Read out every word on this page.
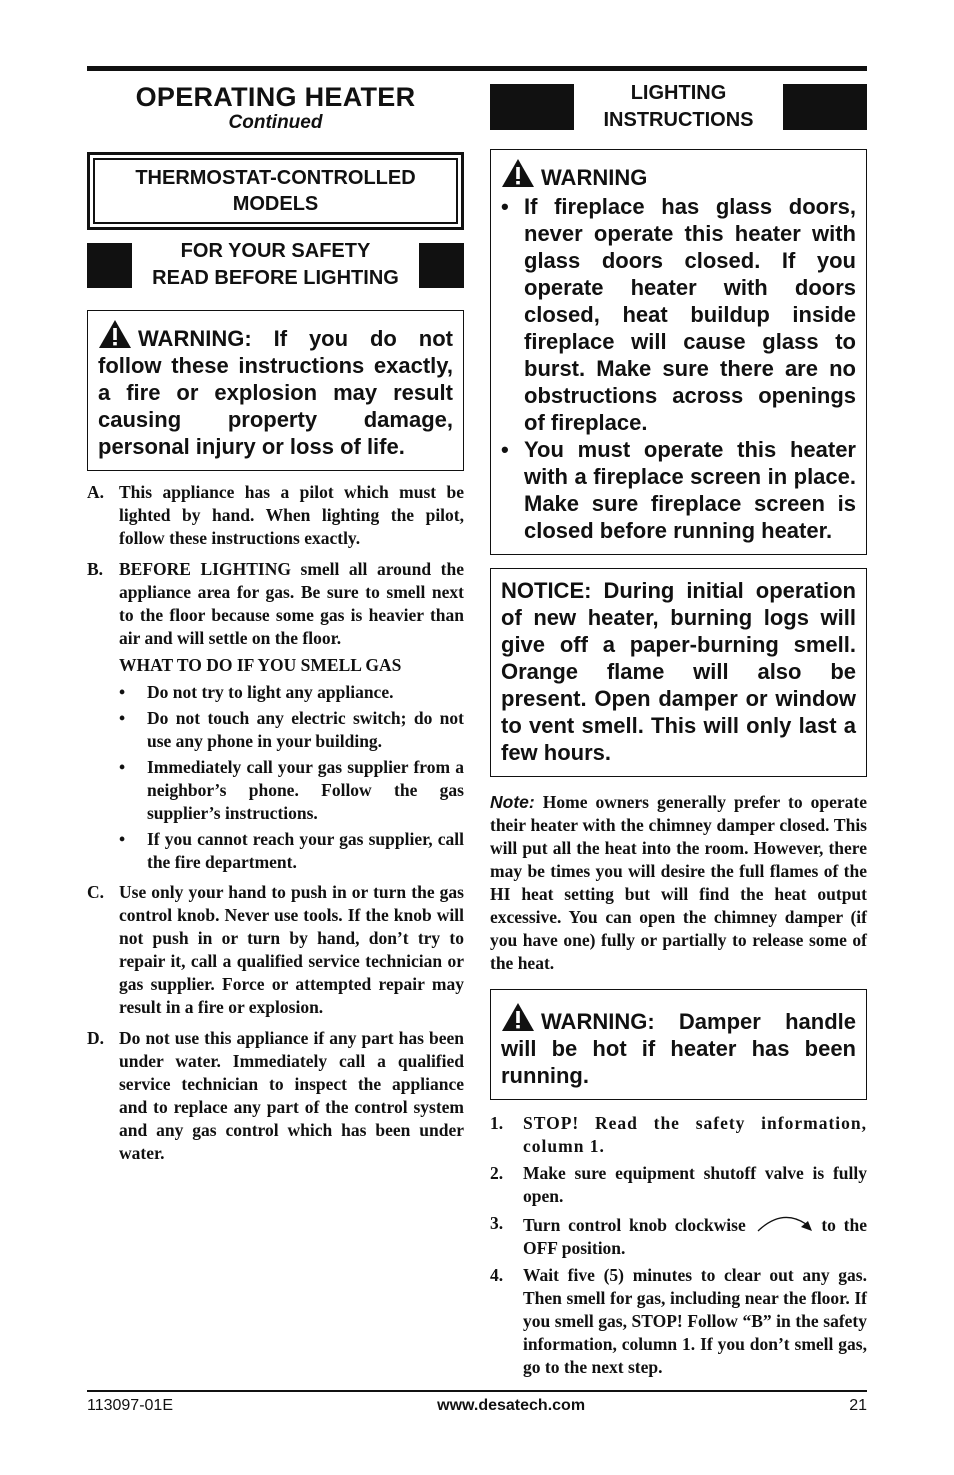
OPERATING HEATER
Continued
THERMOSTAT-CONTROLLED
MODELS
FOR YOUR SAFETY
READ BEFORE LIGHTING
WARNING: If you do not follow these instructions exactly, a fire or explosion may result causing property damage, personal injury or loss of life.
A. This appliance has a pilot which must be lighted by hand. When lighting the pilot, follow these instructions exactly.

B. BEFORE LIGHTING smell all around the appliance area for gas. Be sure to smell next to the floor because some gas is heavier than air and will settle on the floor.

WHAT TO DO IF YOU SMELL GAS

•	Do not try to light any appliance.
•	Do not touch any electric switch; do not use any phone in your building.
•	Immediately call your gas supplier from a neighbor’s phone. Follow the gas supplier’s instructions.
•	If you cannot reach your gas supplier, call the fire department.
C. Use only your hand to push in or turn the gas control knob. Never use tools. If the knob will not push in or turn by hand, don’t try to repair it, call a qualified service technician or gas supplier. Force or attempted repair may result in a fire or explosion.

D. Do not use this appliance if any part has been under water. Immediately call a qualified service technician to inspect the appliance and to replace any part of the control system and any gas control which has been under water.

LIGHTING
INSTRUCTIONS
WARNING
• If fireplace has glass doors, never operate this heater with glass doors closed. If you operate heater with doors closed, heat buildup inside fireplace will cause glass to burst. Make sure there are no obstructions across openings of fireplace.
• You must operate this heater with a fireplace screen in place. Make sure fireplace screen is closed before running heater.
NOTICE: During initial operation of new heater, burning logs will give off a paper-burning smell. Orange flame will also be present. Open damper or window to vent smell. This will only last a few hours.
Note: Home owners generally prefer to operate their heater with the chimney damper closed. This will put all the heat into the room. However, there may be times you will desire the full flames of the HI heat setting but will find the heat output excessive. You can open the chimney damper (if you have one) fully or partially to release some of the heat.
WARNING: Damper handle will be hot if heater has been running.
1.	STOP! Read the safety information, column 1.
2.	Make sure equipment shutoff valve is fully open.
3.	Turn control knob clockwise	to the OFF position.
4.	Wait five (5) minutes to clear out any gas. Then smell for gas, including near the floor. If you smell gas, STOP! Follow “B” in the safety information, column 1. If you don’t smell gas, go to the next step.
113097-01E	www.desatech.com	21
